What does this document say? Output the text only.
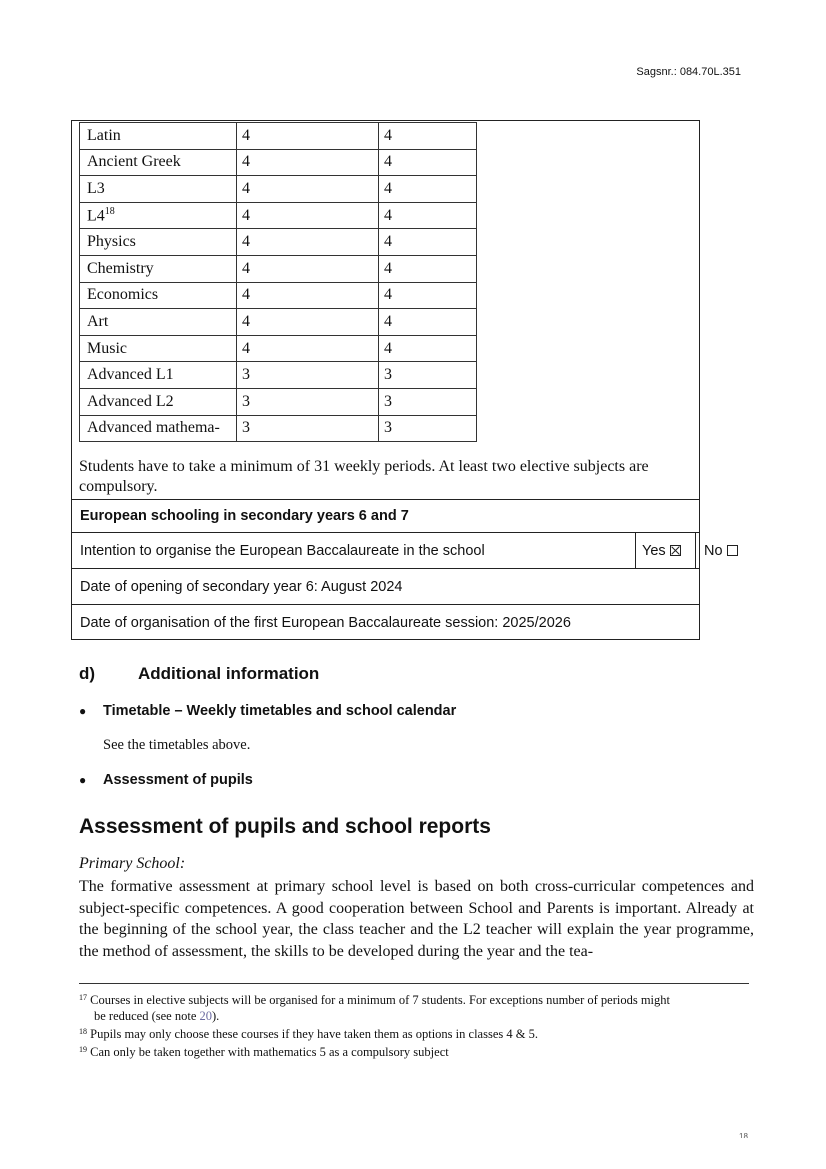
Sagsnr.: 084.70L.351
Latin	4	4
Ancient Greek	4	4
L3	4	4
$L4^{18}$	4	4
Physics	4	4
Chemistry	4	4
Economics	4	4
Art	4	4
Music	4	4
Advanced L1	3	3
Advanced L2	3	3
Advanced mathema-	3	3
Students have to take a minimum of 31 weekly periods. At least two elective subjects are compulsory.
European schooling in secondary years 6 and 7
Intention to organise the European Baccalaureate in the school	Yes	No
Date of opening of secondary year 6: August 2024
Date of organisation of the first European Baccalaureate session: 2025/2026
d)	Additional information
● Timetable – Weekly timetables and school calendar
See the timetables above.
● Assessment of pupils
Assessment of pupils and school reports
Primary School:
The formative assessment at primary school level is based on both cross-curricular competences and subject-specific competences. A good cooperation between School and Parents is important. Already at the beginning of the school year, the class teacher and the L2 teacher will explain the year programme, the method of assessment, the skills to be developed during the year and the tea-

$^{17}$ Courses in elective subjects will be organised for a minimum of 7 students. For exceptions number of periods might

be reduced (see note 20).

$^{18}$ Pupils may only choose these courses if they have taken them as options in classes 4 & 5.

$^{19}$ Can only be taken together with mathematics 5 as a compulsory subject

18
